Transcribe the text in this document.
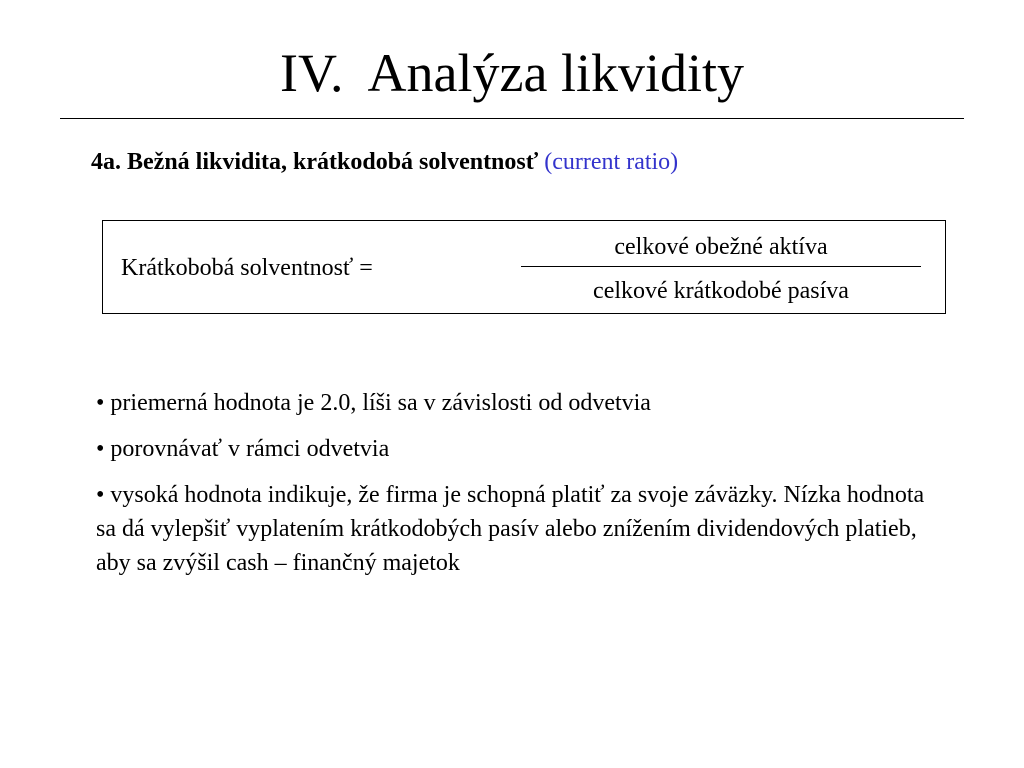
IV.  Analýza likvidity
4a. Bežná likvidita, krátkodobá solventnosť (current ratio)
Krátkobobá solventnosť =
celkové obežné aktíva
celkové krátkodobé pasíva
• priemerná hodnota je 2.0, líši sa v závislosti od odvetvia
• porovnávať v rámci odvetvia
• vysoká hodnota indikuje, že firma je schopná platiť za svoje záväzky. Nízka hodnota sa dá vylepšiť vyplatením krátkodobých pasív alebo znížením dividendových platieb, aby sa zvýšil cash – finančný majetok
